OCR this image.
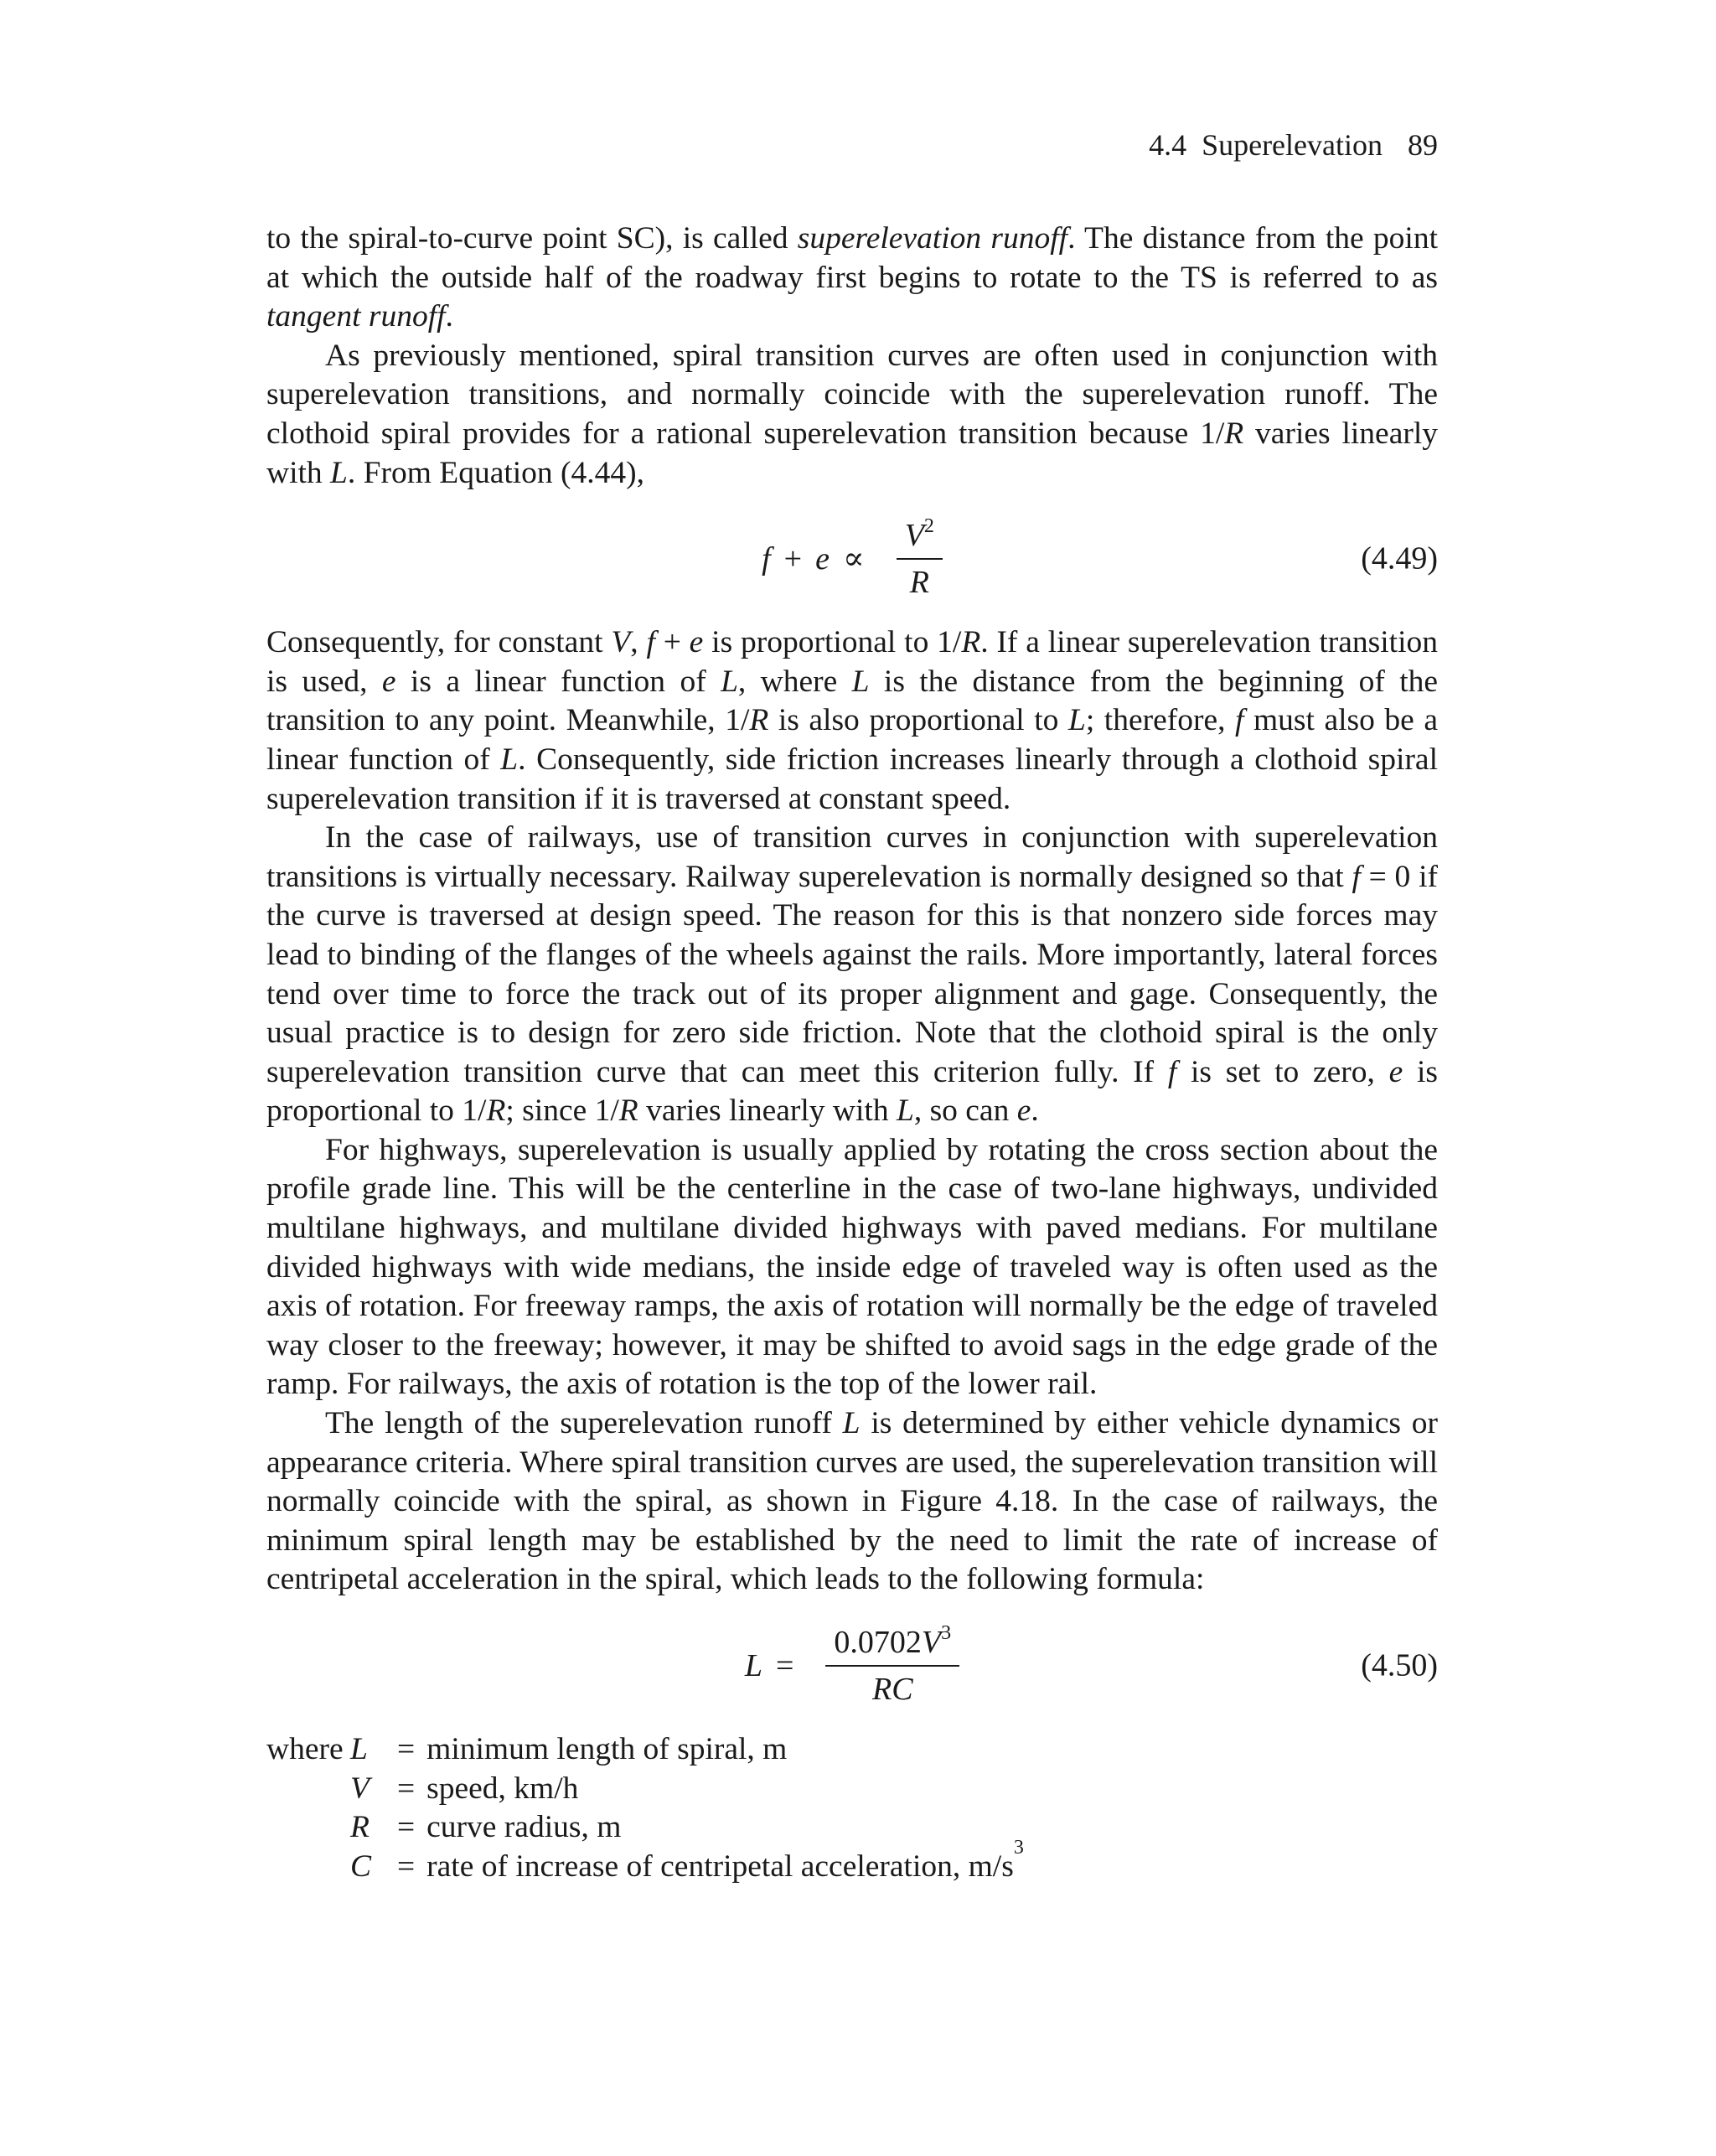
4.4 Superelevation 89

to the spiral-to-curve point SC), is called superelevation runoff. The distance from the point at which the outside half of the roadway first begins to rotate to the TS is referred to as tangent runoff.

As previously mentioned, spiral transition curves are often used in conjunction with superelevation transitions, and normally coincide with the superelevation runoff. The clothoid spiral provides for a rational superelevation transition because 1/R varies linearly with L. From Equation (4.44),

$f + e \propto \frac{V^2}{R}$	(4.49)

Consequently, for constant V, f + e is proportional to 1/R. If a linear superelevation transition is used, e is a linear function of L, where L is the distance from the beginning of the transition to any point. Meanwhile, 1/R is also proportional to L; therefore, f must also be a linear function of L. Consequently, side friction increases linearly through a clothoid spiral superelevation transition if it is traversed at constant speed.

In the case of railways, use of transition curves in conjunction with superelevation transitions is virtually necessary. Railway superelevation is normally designed so that f = 0 if the curve is traversed at design speed. The reason for this is that nonzero side forces may lead to binding of the flanges of the wheels against the rails. More importantly, lateral forces tend over time to force the track out of its proper alignment and gage. Consequently, the usual practice is to design for zero side friction. Note that the clothoid spiral is the only superelevation transition curve that can meet this criterion fully. If f is set to zero, e is proportional to 1/R; since 1/R varies linearly with L, so can e.

For highways, superelevation is usually applied by rotating the cross section about the profile grade line. This will be the centerline in the case of two-lane highways, undivided multilane highways, and multilane divided highways with paved medians. For multilane divided highways with wide medians, the inside edge of traveled way is often used as the axis of rotation. For freeway ramps, the axis of rotation will normally be the edge of traveled way closer to the freeway; however, it may be shifted to avoid sags in the edge grade of the ramp. For railways, the axis of rotation is the top of the lower rail.

The length of the superelevation runoff L is determined by either vehicle dynamics or appearance criteria. Where spiral transition curves are used, the superelevation transition will normally coincide with the spiral, as shown in Figure 4.18. In the case of railways, the minimum spiral length may be established by the need to limit the rate of increase of centripetal acceleration in the spiral, which leads to the following formula:

$L = \frac{0.0702V^3}{RC}$	(4.50)
where L = minimum length of spiral, m
V = speed, km/h
R = curve radius, m
C = rate of increase of centripetal acceleration, m/s
3
